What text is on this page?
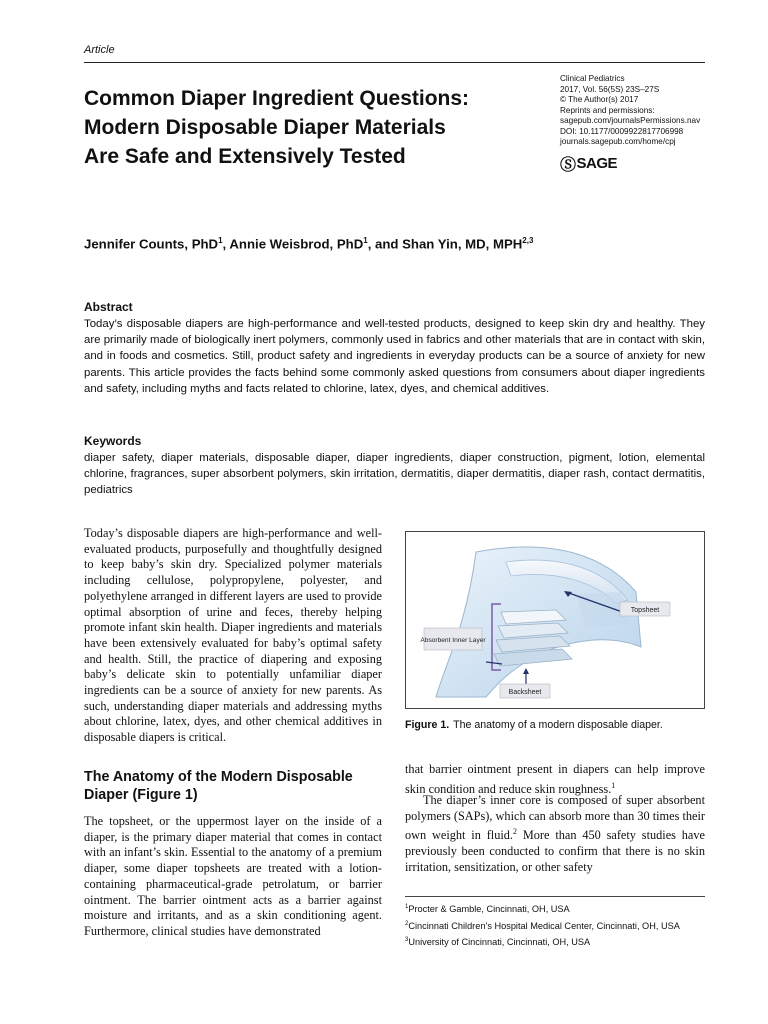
Article
Common Diaper Ingredient Questions: Modern Disposable Diaper Materials Are Safe and Extensively Tested
Clinical Pediatrics
2017, Vol. 56(5S) 23S–27S
© The Author(s) 2017
Reprints and permissions:
sagepub.com/journalsPermissions.nav
DOI: 10.1177/0009922817706998
journals.sagepub.com/home/cpj
Ⓢ SAGE
Jennifer Counts, PhD$^1$, Annie Weisbrod, PhD$^1$, and Shan Yin, MD, MPH$^{2,3}$
Abstract

Today’s disposable diapers are high-performance and well-tested products, designed to keep skin dry and healthy. They are primarily made of biologically inert polymers, commonly used in fabrics and other materials that are in contact with skin, and in foods and cosmetics. Still, product safety and ingredients in everyday products can be a source of anxiety for new parents. This article provides the facts behind some commonly asked questions from consumers about diaper ingredients and safety, including myths and facts related to chlorine, latex, dyes, and chemical additives.

Keywords

diaper safety, diaper materials, disposable diaper, diaper ingredients, diaper construction, pigment, lotion, elemental chlorine, fragrances, super absorbent polymers, skin irritation, dermatitis, diaper dermatitis, diaper rash, contact dermatitis, pediatrics

Today’s disposable diapers are high-performance and well-evaluated products, purposefully and thoughtfully designed to keep baby’s skin dry. Specialized polymer materials including cellulose, polypropylene, polyester, and polyethylene arranged in different layers are used to provide optimal absorption of urine and feces, thereby helping promote infant skin health. Diaper ingredients and materials have been extensively evaluated for baby’s optimal safety and health. Still, the practice of diapering and exposing baby’s delicate skin to potentially unfamiliar diaper ingredients can be a source of anxiety for new parents. As such, understanding diaper materials and addressing myths about chlorine, latex, dyes, and other chemical additives in disposable diapers is critical.

The Anatomy of the Modern Disposable Diaper (Figure 1)

The topsheet, or the uppermost layer on the inside of a diaper, is the primary diaper material that comes in contact with an infant’s skin. Essential to the anatomy of a premium diaper, some diaper topsheets are treated with a lotion-containing pharmaceutical-grade petrolatum, or barrier ointment. The barrier ointment acts as a barrier against moisture and irritants, and as a skin conditioning agent. Furthermore, clinical studies have demonstrated

Topsheet
Absorbent Inner Layer
Backsheet
Figure 1. The anatomy of a modern disposable diaper.

that barrier ointment present in diapers can help improve skin condition and reduce skin roughness.$^1$

The diaper’s inner core is composed of super absorbent polymers (SAPs), which can absorb more than 30 times their own weight in fluid.$^2$ More than 450 safety studies have previously been conducted to confirm that there is no skin irritation, sensitization, or other safety

$^1$Procter & Gamble, Cincinnati, OH, USA
$^2$Cincinnati Children’s Hospital Medical Center, Cincinnati, OH, USA
$^3$University of Cincinnati, Cincinnati, OH, USA
